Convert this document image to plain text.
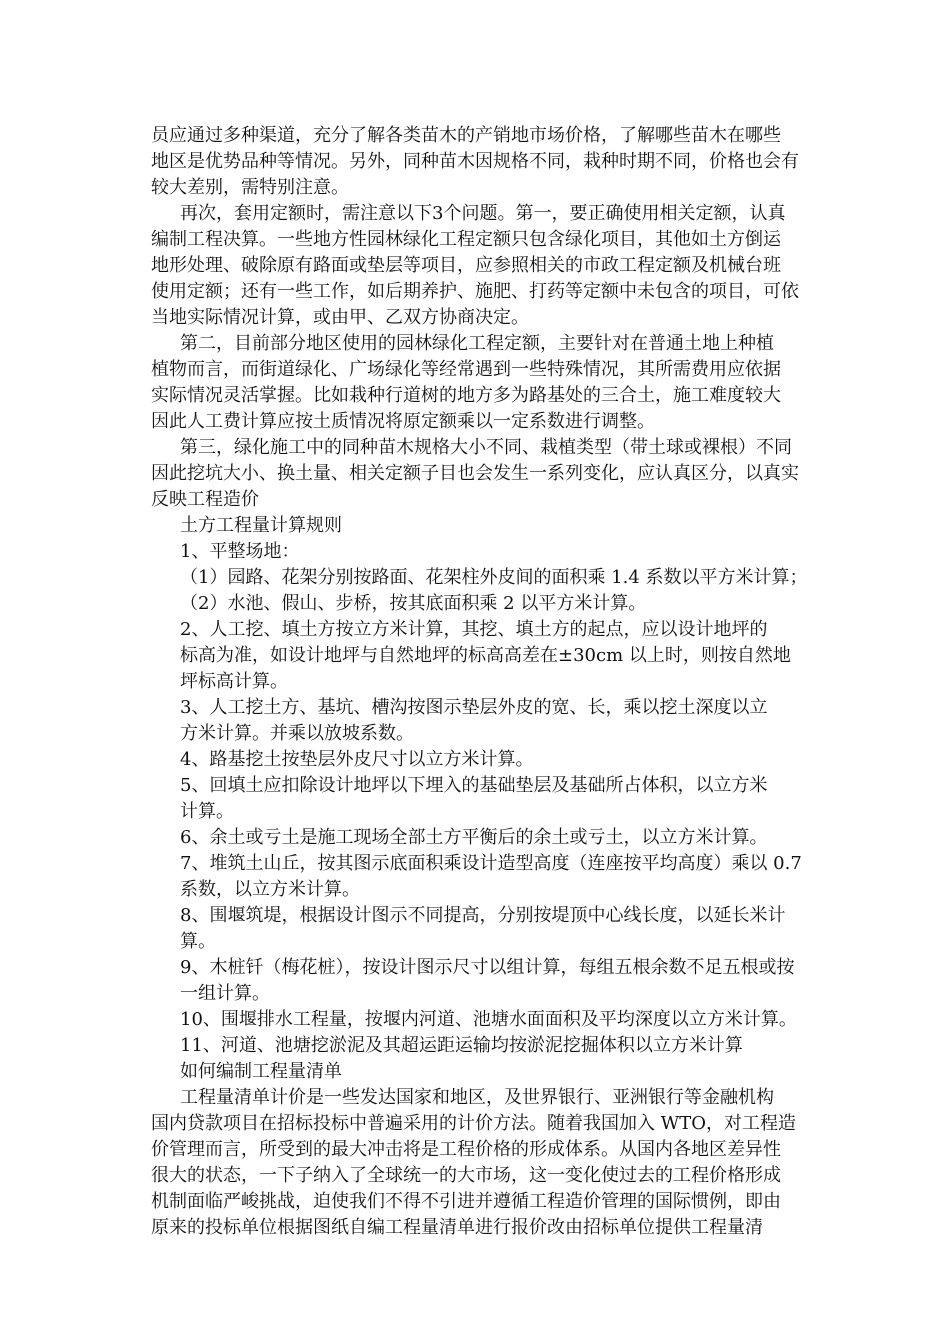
员应通过多种渠道，充分了解各类苗木的产销地市场价格，了解哪些苗木在哪些
地区是优势品种等情况。另外，同种苗木因规格不同，栽种时期不同，价格也会有
较大差别，需特别注意。
再次，套用定额时，需注意以下3个问题。第一，要正确使用相关定额，认真
编制工程决算。一些地方性园林绿化工程定额只包含绿化项目，其他如土方倒运
地形处理、破除原有路面或垫层等项目，应参照相关的市政工程定额及机械台班
使用定额；还有一些工作，如后期养护、施肥、打药等定额中未包含的项目，可依
当地实际情况计算，或由甲、乙双方协商决定。
第二，目前部分地区使用的园林绿化工程定额，主要针对在普通土地上种植
植物而言，而街道绿化、广场绿化等经常遇到一些特殊情况，其所需费用应依据
实际情况灵活掌握。比如栽种行道树的地方多为路基处的三合土，施工难度较大
因此人工费计算应按土质情况将原定额乘以一定系数进行调整。
第三，绿化施工中的同种苗木规格大小不同、栽植类型（带土球或裸根）不同
因此挖坑大小、换土量、相关定额子目也会发生一系列变化，应认真区分，以真实
反映工程造价
土方工程量计算规则
1、平整场地：
（1）园路、花架分别按路面、花架柱外皮间的面积乘 1.4 系数以平方米计算；
（2）水池、假山、步桥，按其底面积乘 2 以平方米计算。
2、人工挖、填土方按立方米计算，其挖、填土方的起点，应以设计地坪的
标高为准，如设计地坪与自然地坪的标高高差在±30cm 以上时，则按自然地
坪标高计算。
3、人工挖土方、基坑、槽沟按图示垫层外皮的宽、长，乘以挖土深度以立
方米计算。并乘以放坡系数。
4、路基挖土按垫层外皮尺寸以立方米计算。
5、回填土应扣除设计地坪以下埋入的基础垫层及基础所占体积，以立方米
计算。
6、余土或亏土是施工现场全部土方平衡后的余土或亏土，以立方米计算。
7、堆筑土山丘，按其图示底面积乘设计造型高度（连座按平均高度）乘以 0.7
系数，以立方米计算。
8、围堰筑堤，根据设计图示不同提高，分别按堤顶中心线长度，以延长米计
算。
9、木桩钎（梅花桩），按设计图示尺寸以组计算，每组五根余数不足五根或按
一组计算。
10、围堰排水工程量，按堰内河道、池塘水面面积及平均深度以立方米计算。
11、河道、池塘挖淤泥及其超运距运输均按淤泥挖掘体积以立方米计算
如何编制工程量清单
工程量清单计价是一些发达国家和地区，及世界银行、亚洲银行等金融机构
国内贷款项目在招标投标中普遍采用的计价方法。随着我国加入 WTO，对工程造
价管理而言，所受到的最大冲击将是工程价格的形成体系。从国内各地区差异性
很大的状态，一下子纳入了全球统一的大市场，这一变化使过去的工程价格形成
机制面临严峻挑战，迫使我们不得不引进并遵循工程造价管理的国际惯例，即由
原来的投标单位根据图纸自编工程量清单进行报价改由招标单位提供工程量清
